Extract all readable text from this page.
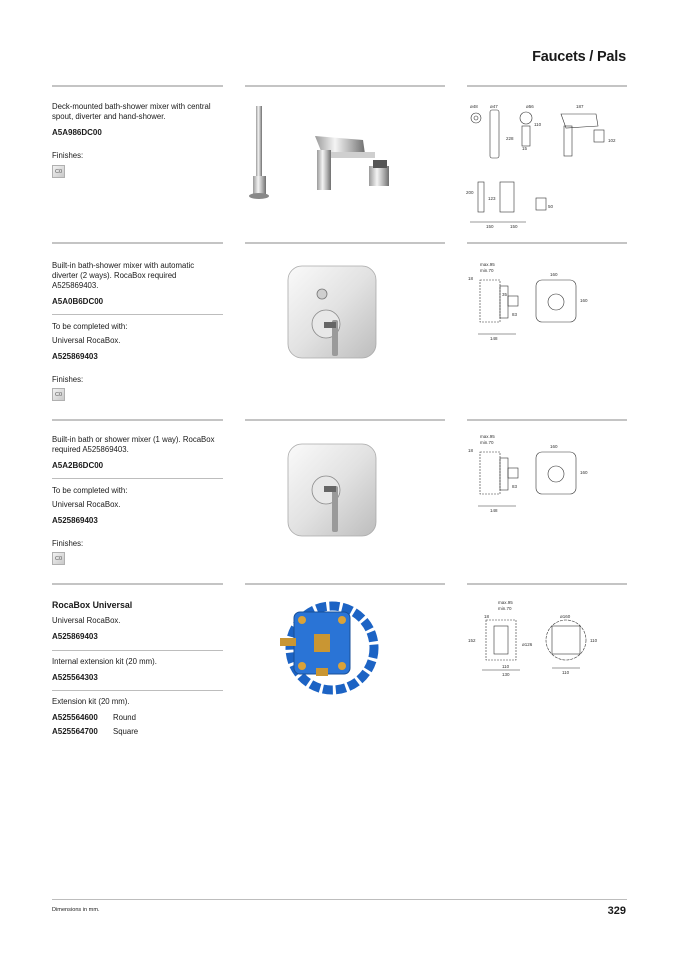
Faucets / Pals
Deck-mounted bath-shower mixer with central spout, diverter and hand-shower.
A5A986DC00
Finishes:
C0
ø48	ø47	ø56	187
110
228
15
102
200
123
50
150	150
Built-in bath-shower mixer with automatic diverter (2 ways). RocaBox required A525869403.
A5A0B6DC00
To be completed with:
Universal RocaBox.
A525869403
Finishes:
C0
max.95
min.70
18
160
160
35
83
148
Built-in bath or shower mixer (1 way). RocaBox required A525869403.
A5A2B6DC00
To be completed with:
Universal RocaBox.
A525869403
Finishes:
C0
max.95
min.70
18
160
160
83
148
RocaBox Universal
Universal RocaBox.
A525869403
Internal extension kit (20 mm).
A525564303
Extension kit (20 mm).
A525564600 Round
A525564700 Square
max.95
min.70
18	ø160
152
ø126
110
110
130	110
Dimensions in mm.	329
